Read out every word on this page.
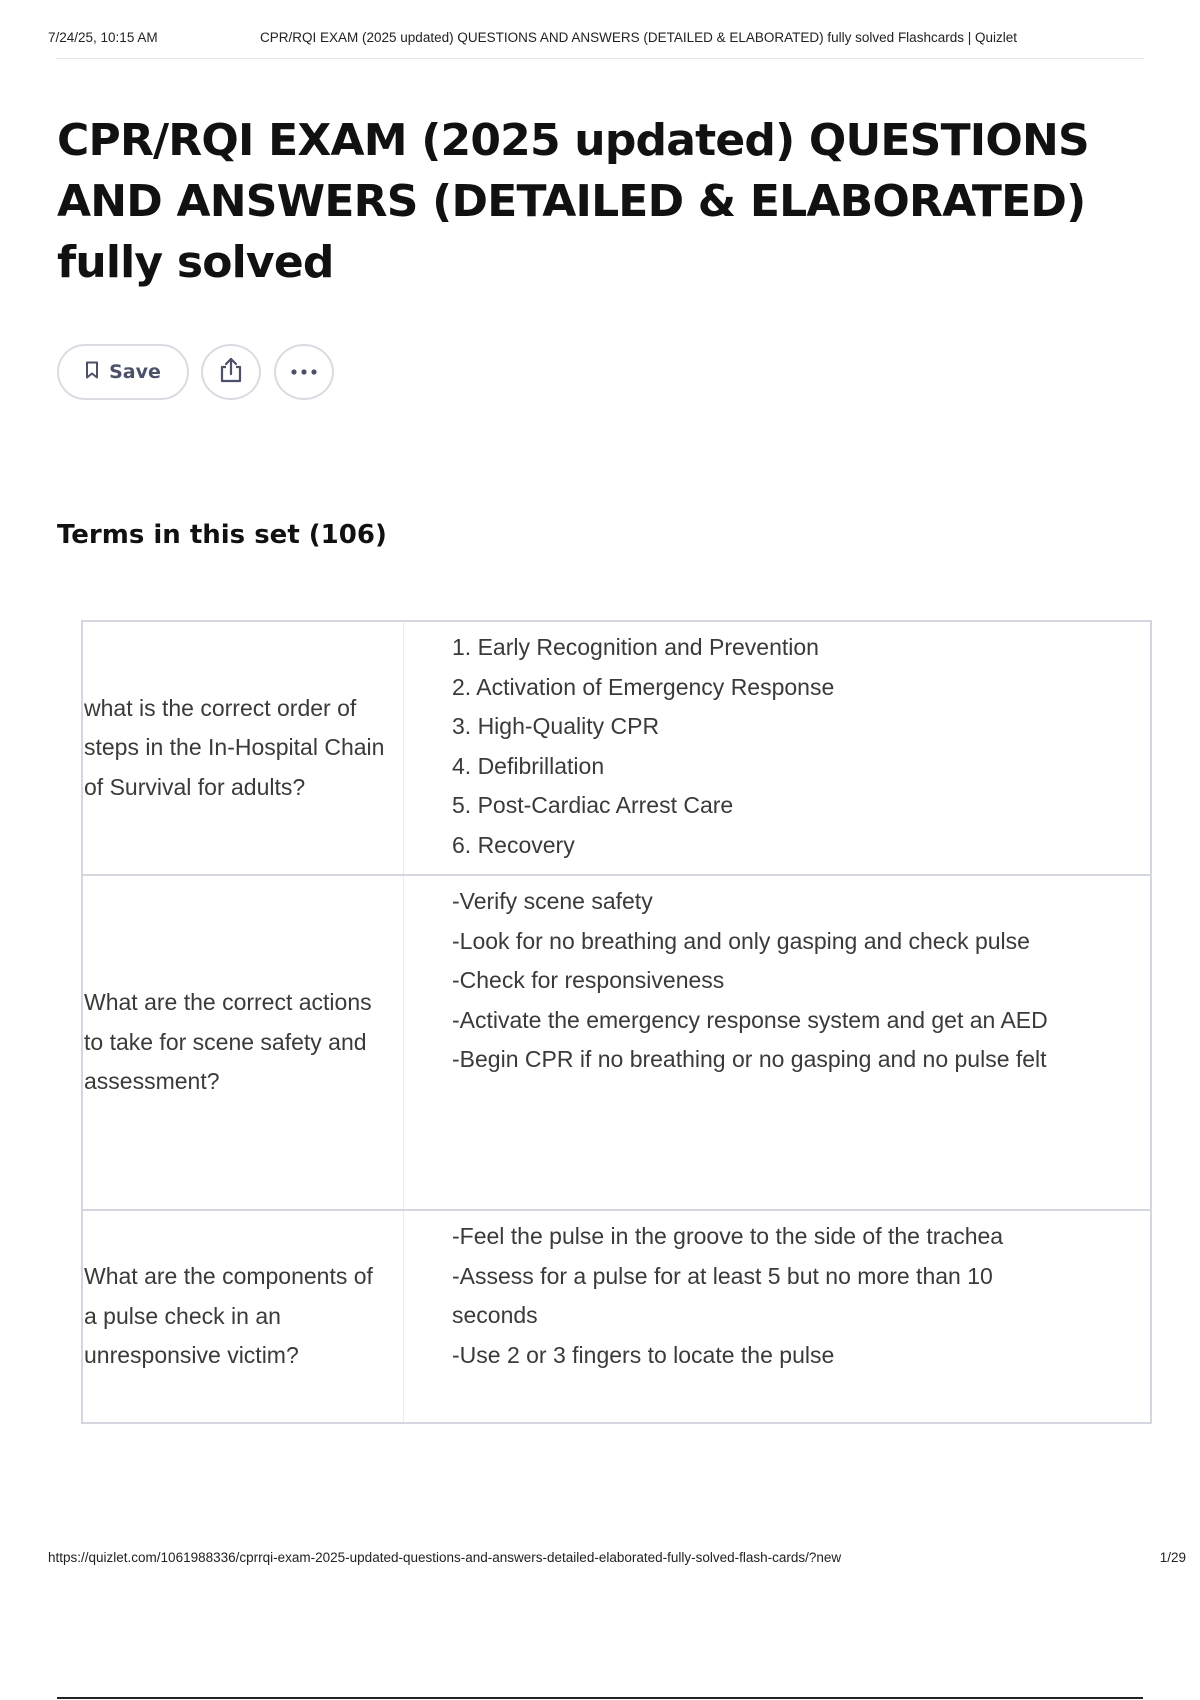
7/24/25, 10:15 AM	CPR/RQI EXAM (2025 updated) QUESTIONS AND ANSWERS (DETAILED & ELABORATED) fully solved Flashcards | Quizlet
CPR/RQI EXAM (2025 updated) QUESTIONS AND ANSWERS (DETAILED & ELABORATED) fully solved
Save
Terms in this set (106)
what is the correct order of steps in the In-Hospital Chain of Survival for adults?
1. Early Recognition and Prevention
2. Activation of Emergency Response
3. High-Quality CPR
4. Defibrillation
5. Post-Cardiac Arrest Care
6. Recovery
What are the correct actions to take for scene safety and assessment?
-Verify scene safety
-Look for no breathing and only gasping and check pulse
-Check for responsiveness
-Activate the emergency response system and get an AED
-Begin CPR if no breathing or no gasping and no pulse felt
What are the components of a pulse check in an unresponsive victim?
-Feel the pulse in the groove to the side of the trachea
-Assess for a pulse for at least 5 but no more than 10 seconds
-Use 2 or 3 fingers to locate the pulse
https://quizlet.com/1061988336/cprrqi-exam-2025-updated-questions-and-answers-detailed-elaborated-fully-solved-flash-cards/?new	1/29
